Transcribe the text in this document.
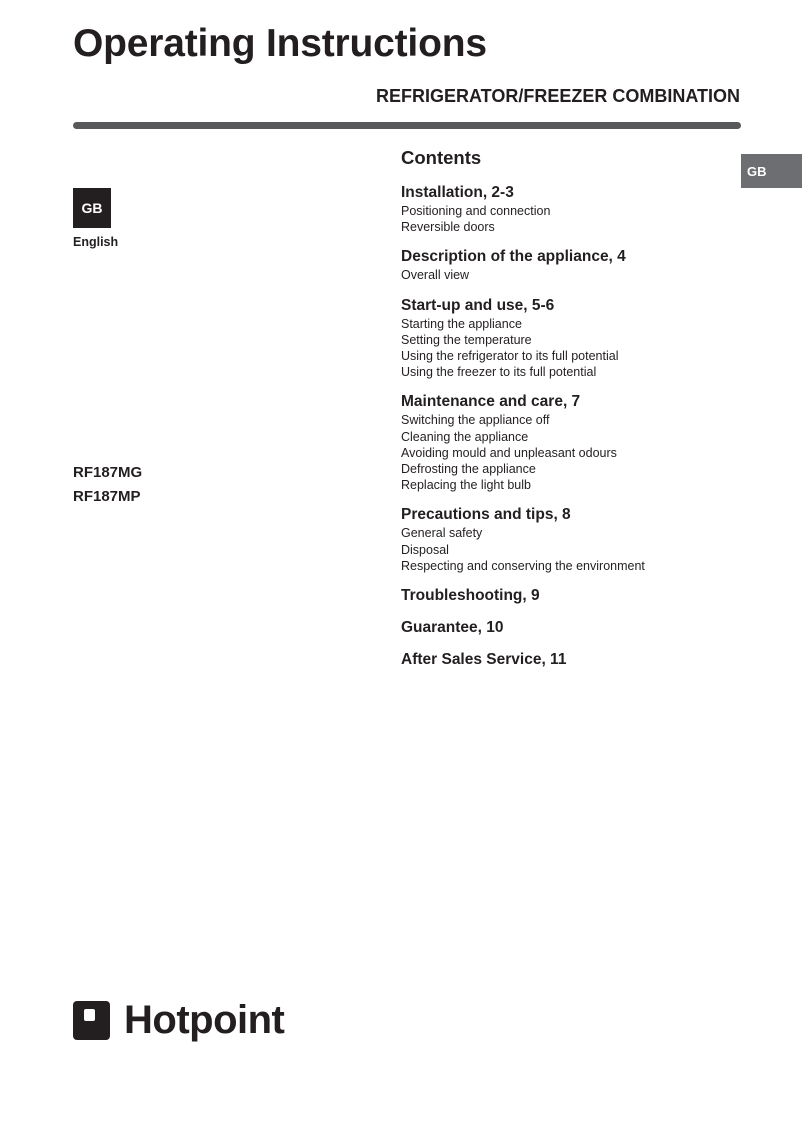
Operating Instructions
REFRIGERATOR/FREEZER COMBINATION
GB
GB
English
RF187MG
RF187MP
Contents
Installation, 2-3
Positioning and connection
Reversible doors
Description of the appliance, 4
Overall view
Start-up and use, 5-6
Starting the appliance
Setting the temperature
Using the refrigerator to its full potential
Using the freezer to its full potential
Maintenance and care, 7
Switching the appliance off
Cleaning the appliance
Avoiding mould and unpleasant odours
Defrosting the appliance
Replacing the light bulb
Precautions and tips, 8
General safety
Disposal
Respecting and conserving the environment
Troubleshooting, 9
Guarantee, 10
After Sales Service, 11
Hotpoint
